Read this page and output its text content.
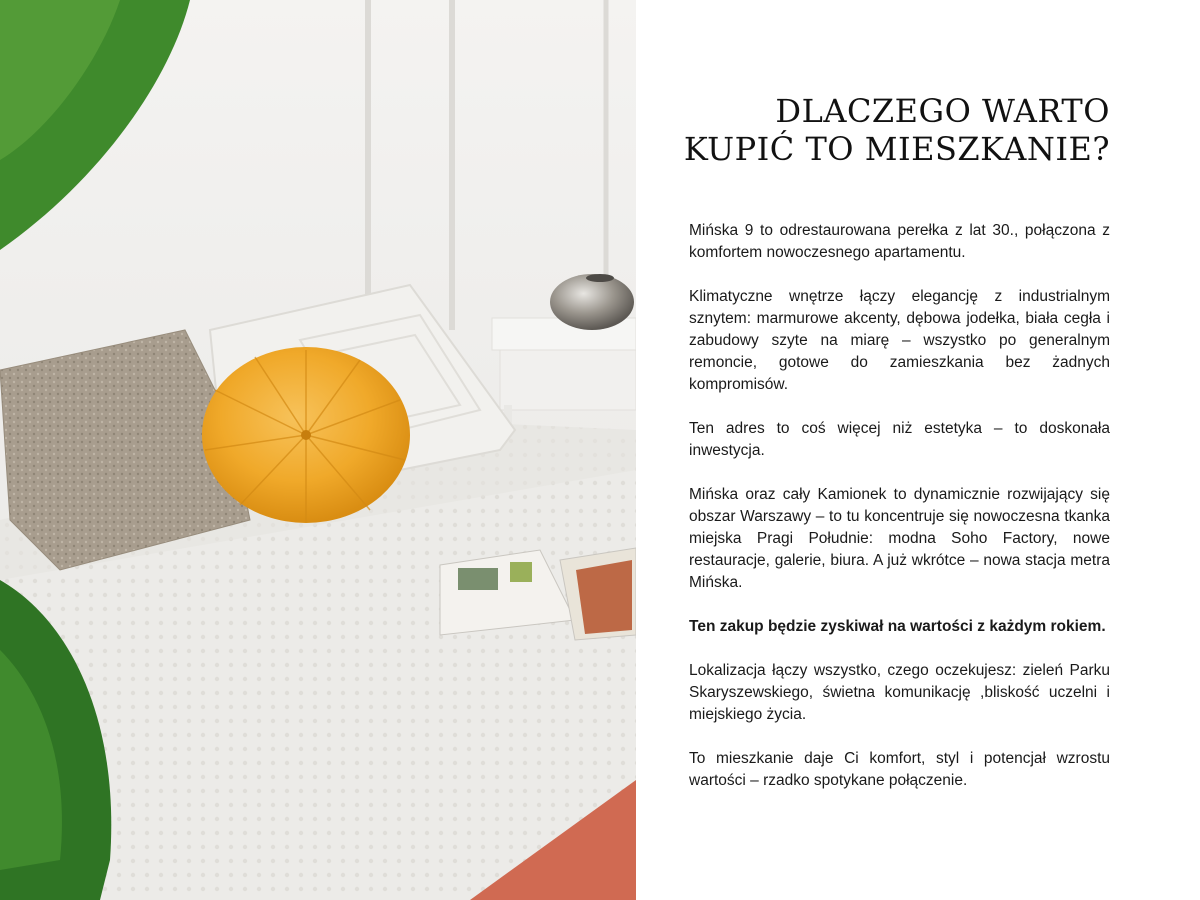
DLACZEGO WARTO
KUPIĆ TO MIESZKANIE?

Mińska 9 to odrestaurowana perełka z lat 30., połączona z komfortem nowoczesnego apartamentu.

Klimatyczne wnętrze łączy elegancję z industrialnym sznytem: marmurowe akcenty, dębowa jodełka, biała cegła i zabudowy szyte na miarę – wszystko po generalnym remoncie, gotowe do zamieszkania bez żadnych kompromisów.

Ten adres to coś więcej niż estetyka – to doskonała inwestycja.

Mińska oraz cały Kamionek to dynamicznie rozwijający się obszar Warszawy – to tu koncentruje się nowoczesna tkanka miejska Pragi Południe: modna Soho Factory, nowe restauracje, galerie, biura. A już wkrótce – nowa stacja metra Mińska.

Ten zakup będzie zyskiwał na wartości z każdym rokiem.

Lokalizacja łączy wszystko, czego oczekujesz: zieleń Parku Skaryszewskiego, świetna komunikację ,bliskość uczelni i miejskiego życia.

To mieszkanie daje Ci komfort, styl i potencjał wzrostu wartości – rzadko spotykane połączenie.
